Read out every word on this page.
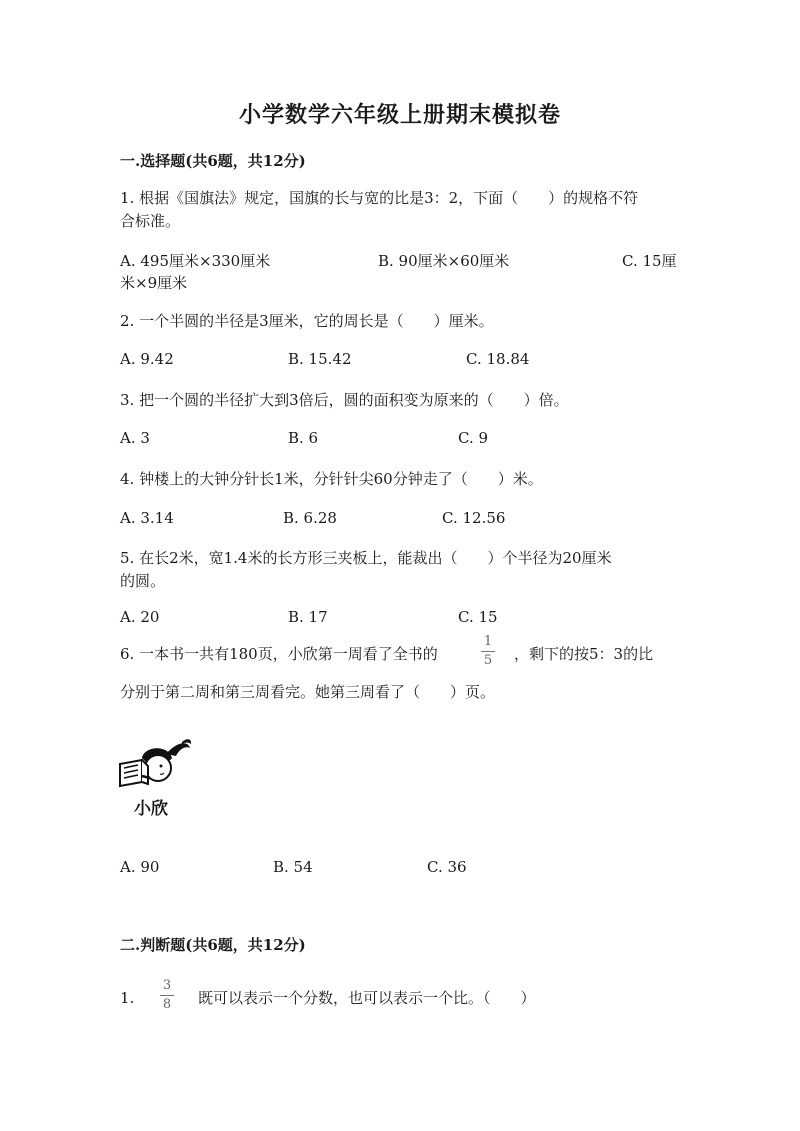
小学数学六年级上册期末模拟卷
一.选择题(共6题，共12分)
1. 根据《国旗法》规定，国旗的长与宽的比是3：2，下面（　　）的规格不符
合标准。
A. 495厘米×330厘米	B. 90厘米×60厘米	C. 15厘
米×9厘米
2. 一个半圆的半径是3厘米，它的周长是（　　）厘米。
A. 9.42	B. 15.42	C. 18.84
3. 把一个圆的半径扩大到3倍后，圆的面积变为原来的（　　）倍。
A. 3	B. 6	C. 9
4. 钟楼上的大钟分针长1米，分针针尖60分钟走了（　　）米。
A. 3.14	B. 6.28	C. 12.56
5. 在长2米，宽1.4米的长方形三夹板上，能裁出（　　）个半径为20厘米
的圆。
A. 20	B. 17	C. 15
6. 一本书一共有180页，小欣第一周看了全书的
1
5 ，剩下的按5：3的比
分别于第二周和第三周看完。她第三周看了（　　）页。
小欣
A. 90	B. 54	C. 36
二.判断题(共6题，共12分)
1.
3
8 既可以表示一个分数，也可以表示一个比。（　　）
